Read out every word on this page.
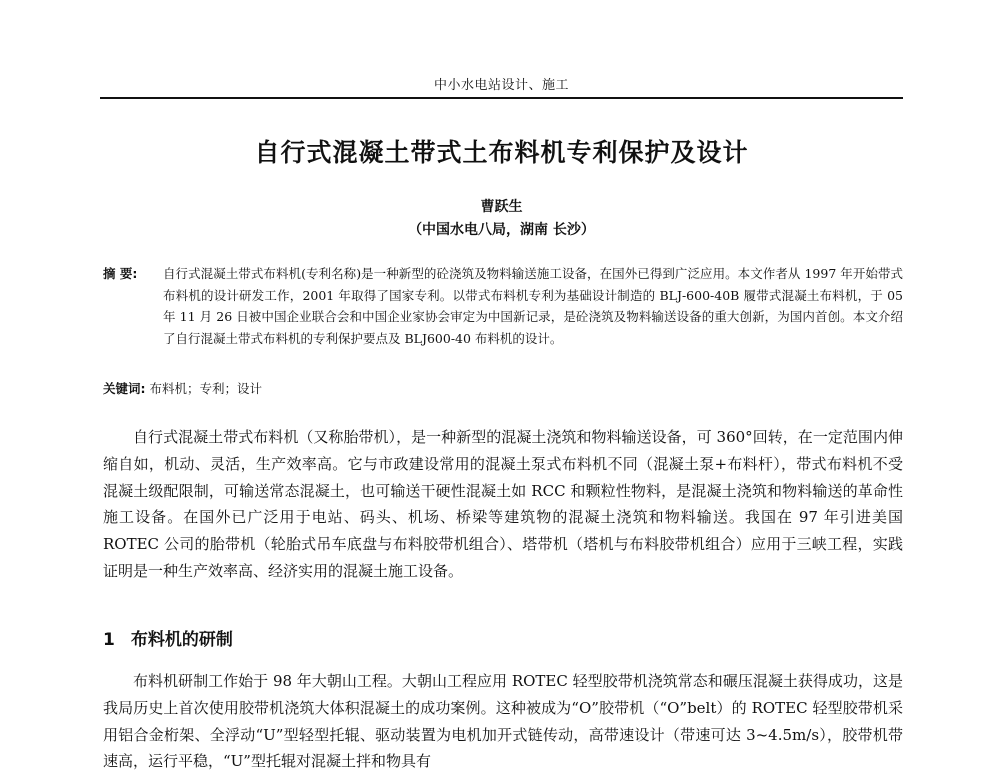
中小水电站设计、施工
自行式混凝土带式土布料机专利保护及设计
曹跃生
（中国水电八局，湖南 长沙）
摘 要: 自行式混凝土带式布料机(专利名称)是一种新型的砼浇筑及物料输送施工设备，在国外已得到广泛应用。本文作者从 1997 年开始带式布料机的设计研发工作，2001 年取得了国家专利。以带式布料机专利为基础设计制造的 BLJ-600-40B 履带式混凝土布料机，于 05 年 11 月 26 日被中国企业联合会和中国企业家协会审定为中国新记录，是砼浇筑及物料输送设备的重大创新，为国内首创。本文介绍了自行混凝土带式布料机的专利保护要点及 BLJ600-40 布料机的设计。
关键词: 布料机；专利；设计
自行式混凝土带式布料机（又称胎带机），是一种新型的混凝土浇筑和物料输送设备，可 360°回转，在一定范围内伸缩自如，机动、灵活，生产效率高。它与市政建设常用的混凝土泵式布料机不同（混凝土泵+布料杆），带式布料机不受混凝土级配限制，可输送常态混凝土，也可输送干硬性混凝土如 RCC 和颗粒性物料，是混凝土浇筑和物料输送的革命性施工设备。在国外已广泛用于电站、码头、机场、桥梁等建筑物的混凝土浇筑和物料输送。我国在 97 年引进美国 ROTEC 公司的胎带机（轮胎式吊车底盘与布料胶带机组合）、塔带机（塔机与布料胶带机组合）应用于三峡工程，实践证明是一种生产效率高、经济实用的混凝土施工设备。
1 布料机的研制
布料机研制工作始于 98 年大朝山工程。大朝山工程应用 ROTEC 轻型胶带机浇筑常态和碾压混凝土获得成功，这是我局历史上首次使用胶带机浇筑大体积混凝土的成功案例。这种被成为“O”胶带机（“O”belt）的 ROTEC 轻型胶带机采用铝合金桁架、全浮动“U”型轻型托辊、驱动装置为电机加开式链传动，高带速设计（带速可达 3~4.5m/s），胶带机带速高，运行平稳，“U”型托辊对混凝土拌和物具有
